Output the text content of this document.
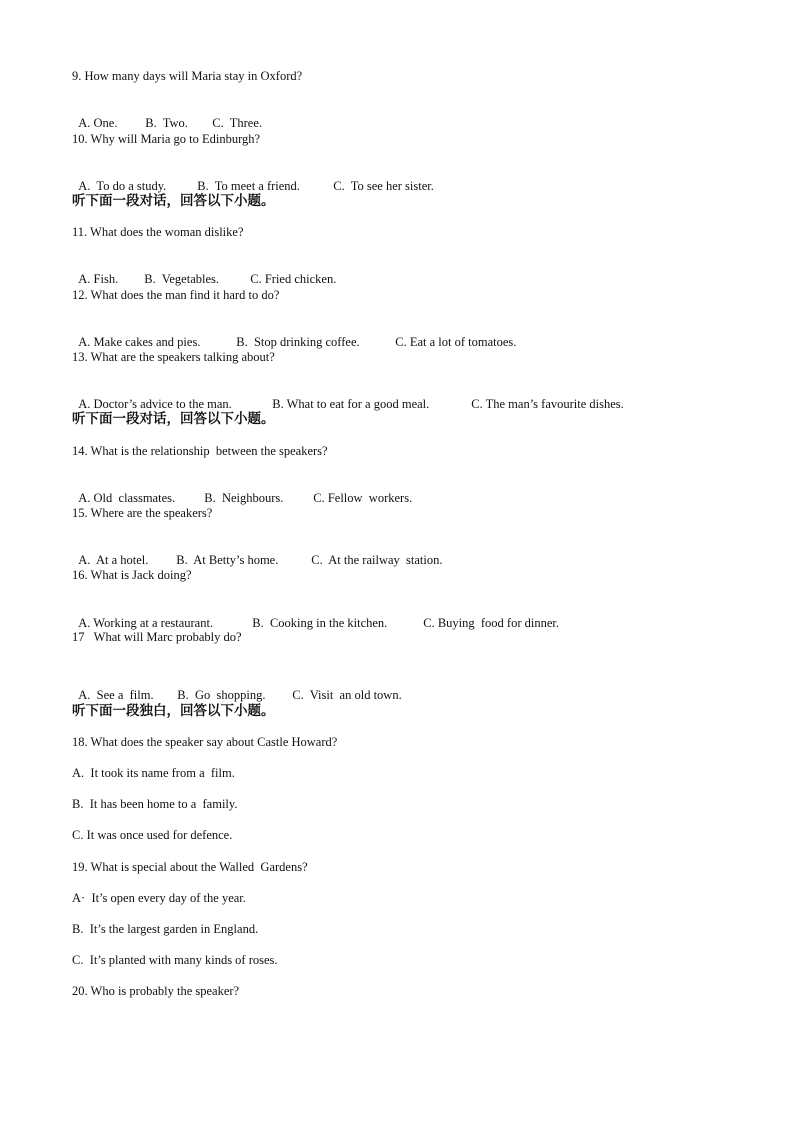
9. How many days will Maria stay in Oxford?

A. One. B.  Two. C.  Three.

10. Why will Maria go to Edinburgh?

A.  To do a study. B.  To meet a friend.	C.  To see her sister.

听下面一段对话，回答以下小题。
11. What does the woman dislike?

A. Fish. B.  Vegetables. C. Fried chicken.

12. What does the man find it hard to do?

A. Make cakes and pies.	B.  Stop drinking coffee.	C. Eat a lot of tomatoes.

13. What are the speakers talking about?

A. Doctor’s advice to the man.	B. What to eat for a good meal.	C. The man’s favourite dishes.

听下面一段对话，回答以下小题。
14. What is the relationship  between the speakers?

A. Old  classmates. B.  Neighbours. C. Fellow  workers.

15. Where are the speakers?

A.  At a hotel. B.  At Betty’s home.	C.  At the railway  station.

16. What is Jack doing?

A. Working at a restaurant.	B.  Cooking in the kitchen.	C. Buying  food for dinner.

17   What will Marc probably do?

A.  See a  film. B.  Go  shopping. C.  Visit  an old town.

听下面一段独白，回答以下小题。
18. What does the speaker say about Castle Howard?
A.  It took its name from a  film.
B.  It has been home to a  family.
C. It was once used for defence.
19. What is special about the Walled  Gardens?
A·  It’s open every day of the year.
B.  It’s the largest garden in England.
C.  It’s planted with many kinds of roses.
20. Who is probably the speaker?
